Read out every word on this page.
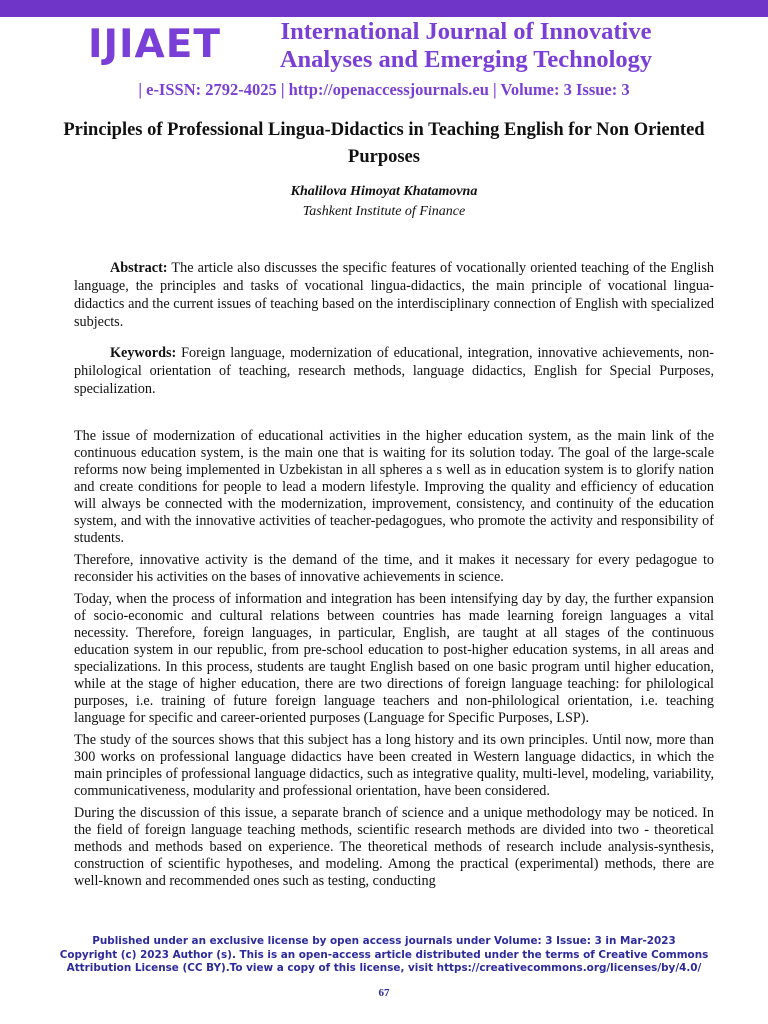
IJIAET	International Journal of Innovative Analyses and Emerging Technology
| e-ISSN: 2792-4025 | http://openaccessjournals.eu | Volume: 3 Issue: 3
Principles of Professional Lingua-Didactics in Teaching English for Non Oriented Purposes
Khalilova Himoyat Khatamovna
Tashkent Institute of Finance

Abstract: The article also discusses the specific features of vocationally oriented teaching of the English language, the principles and tasks of vocational lingua-didactics, the main principle of vocational lingua-didactics and the current issues of teaching based on the interdisciplinary connection of English with specialized subjects.

Keywords: Foreign language, modernization of educational, integration, innovative achievements, non-philological orientation of teaching, research methods, language didactics, English for Special Purposes, specialization.

The issue of modernization of educational activities in the higher education system, as the main link of the continuous education system, is the main one that is waiting for its solution today. The goal of the large-scale reforms now being implemented in Uzbekistan in all spheres a s well as in education system is to glorify nation and create conditions for people to lead a modern lifestyle. Improving the quality and efficiency of education will always be connected with the modernization, improvement, consistency, and continuity of the education system, and with the innovative activities of teacher-pedagogues, who promote the activity and responsibility of students.

Therefore, innovative activity is the demand of the time, and it makes it necessary for every pedagogue to reconsider his activities on the bases of innovative achievements in science.

Today, when the process of information and integration has been intensifying day by day, the further expansion of socio-economic and cultural relations between countries has made learning foreign languages a vital necessity. Therefore, foreign languages, in particular, English, are taught at all stages of the continuous education system in our republic, from pre-school education to post-higher education systems, in all areas and specializations. In this process, students are taught English based on one basic program until higher education, while at the stage of higher education, there are two directions of foreign language teaching: for philological purposes, i.e. training of future foreign language teachers and non-philological orientation, i.e. teaching language for specific and career-oriented purposes (Language for Specific Purposes, LSP).

The study of the sources shows that this subject has a long history and its own principles. Until now, more than 300 works on professional language didactics have been created in Western language didactics, in which the main principles of professional language didactics, such as integrative quality, multi-level, modeling, variability, communicativeness, modularity and professional orientation, have been considered.

During the discussion of this issue, a separate branch of science and a unique methodology may be noticed. In the field of foreign language teaching methods, scientific research methods are divided into two - theoretical methods and methods based on experience. The theoretical methods of research include analysis-synthesis, construction of scientific hypotheses, and modeling. Among the practical (experimental) methods, there are well-known and recommended ones such as testing, conducting

Published under an exclusive license by open access journals under Volume: 3 Issue: 3 in Mar-2023
Copyright (c) 2023 Author (s). This is an open-access article distributed under the terms of Creative Commons Attribution License (CC BY).To view a copy of this license, visit https://creativecommons.org/licenses/by/4.0/
67
